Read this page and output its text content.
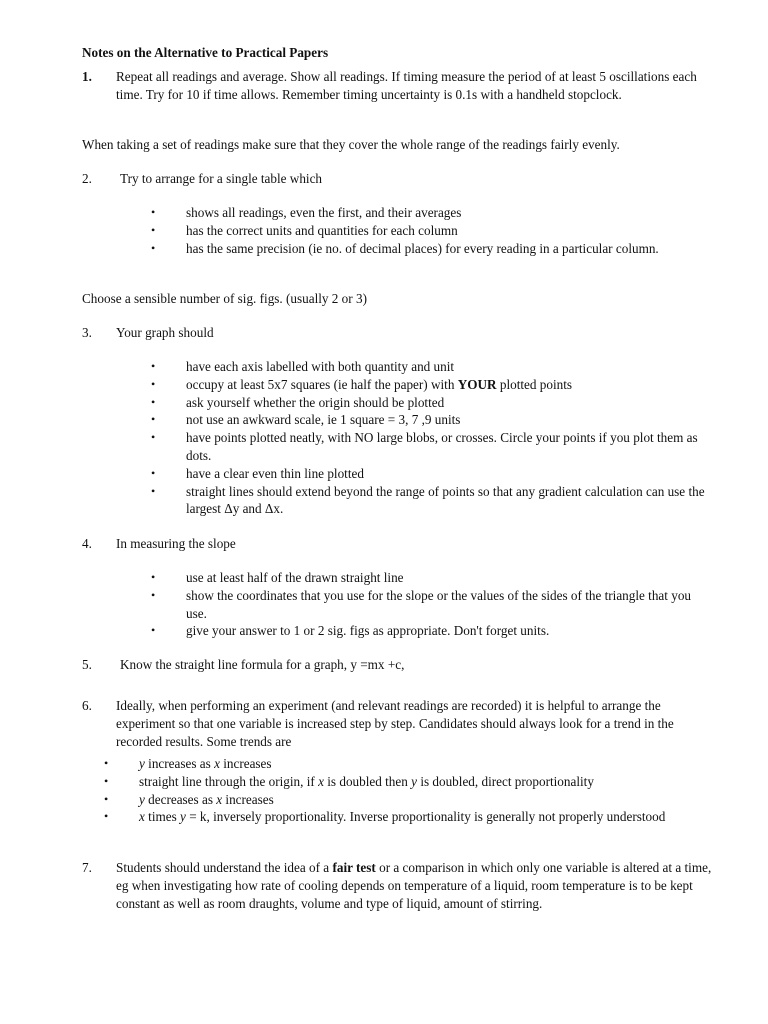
Notes on the Alternative to Practical Papers
1. Repeat all readings and average. Show all readings. If timing measure the period of at least 5 oscillations each time. Try for 10 if time allows. Remember timing uncertainty is 0.1s with a handheld stopclock.
When taking a set of readings make sure that they cover the whole range of the readings fairly evenly.
2. Try to arrange for a single table which
• shows all readings, even the first, and their averages
• has the correct units and quantities for each column
• has the same precision (ie no. of decimal places) for every reading in a particular column.
Choose a sensible number of sig. figs. (usually 2 or 3)
3. Your graph should
• have each axis labelled with both quantity and unit
• occupy at least 5x7 squares (ie half the paper) with YOUR plotted points
• ask yourself whether the origin should be plotted
• not use an awkward scale, ie 1 square = 3, 7 ,9 units
• have points plotted neatly, with NO large blobs, or crosses. Circle your points if you plot them as dots.
• have a clear even thin line plotted
• straight lines should extend beyond the range of points so that any gradient calculation can use the largest Δy and Δx.
4. In measuring the slope
• use at least half of the drawn straight line
• show the coordinates that you use for the slope or the values of the sides of the triangle that you use.
• give your answer to 1 or 2 sig. figs as appropriate. Don't forget units.
5. Know the straight line formula for a graph, y =mx +c,
6. Ideally, when performing an experiment (and relevant readings are recorded) it is helpful to arrange the experiment so that one variable is increased step by step. Candidates should always look for a trend in the recorded results. Some trends are
• y increases as x increases
• straight line through the origin, if x is doubled then y is doubled, direct proportionality
• y decreases as x increases
• x times y = k, inversely proportionality. Inverse proportionality is generally not properly understood
7. Students should understand the idea of a fair test or a comparison in which only one variable is altered at a time, eg when investigating how rate of cooling depends on temperature of a liquid, room temperature is to be kept constant as well as room draughts, volume and type of liquid, amount of stirring.
